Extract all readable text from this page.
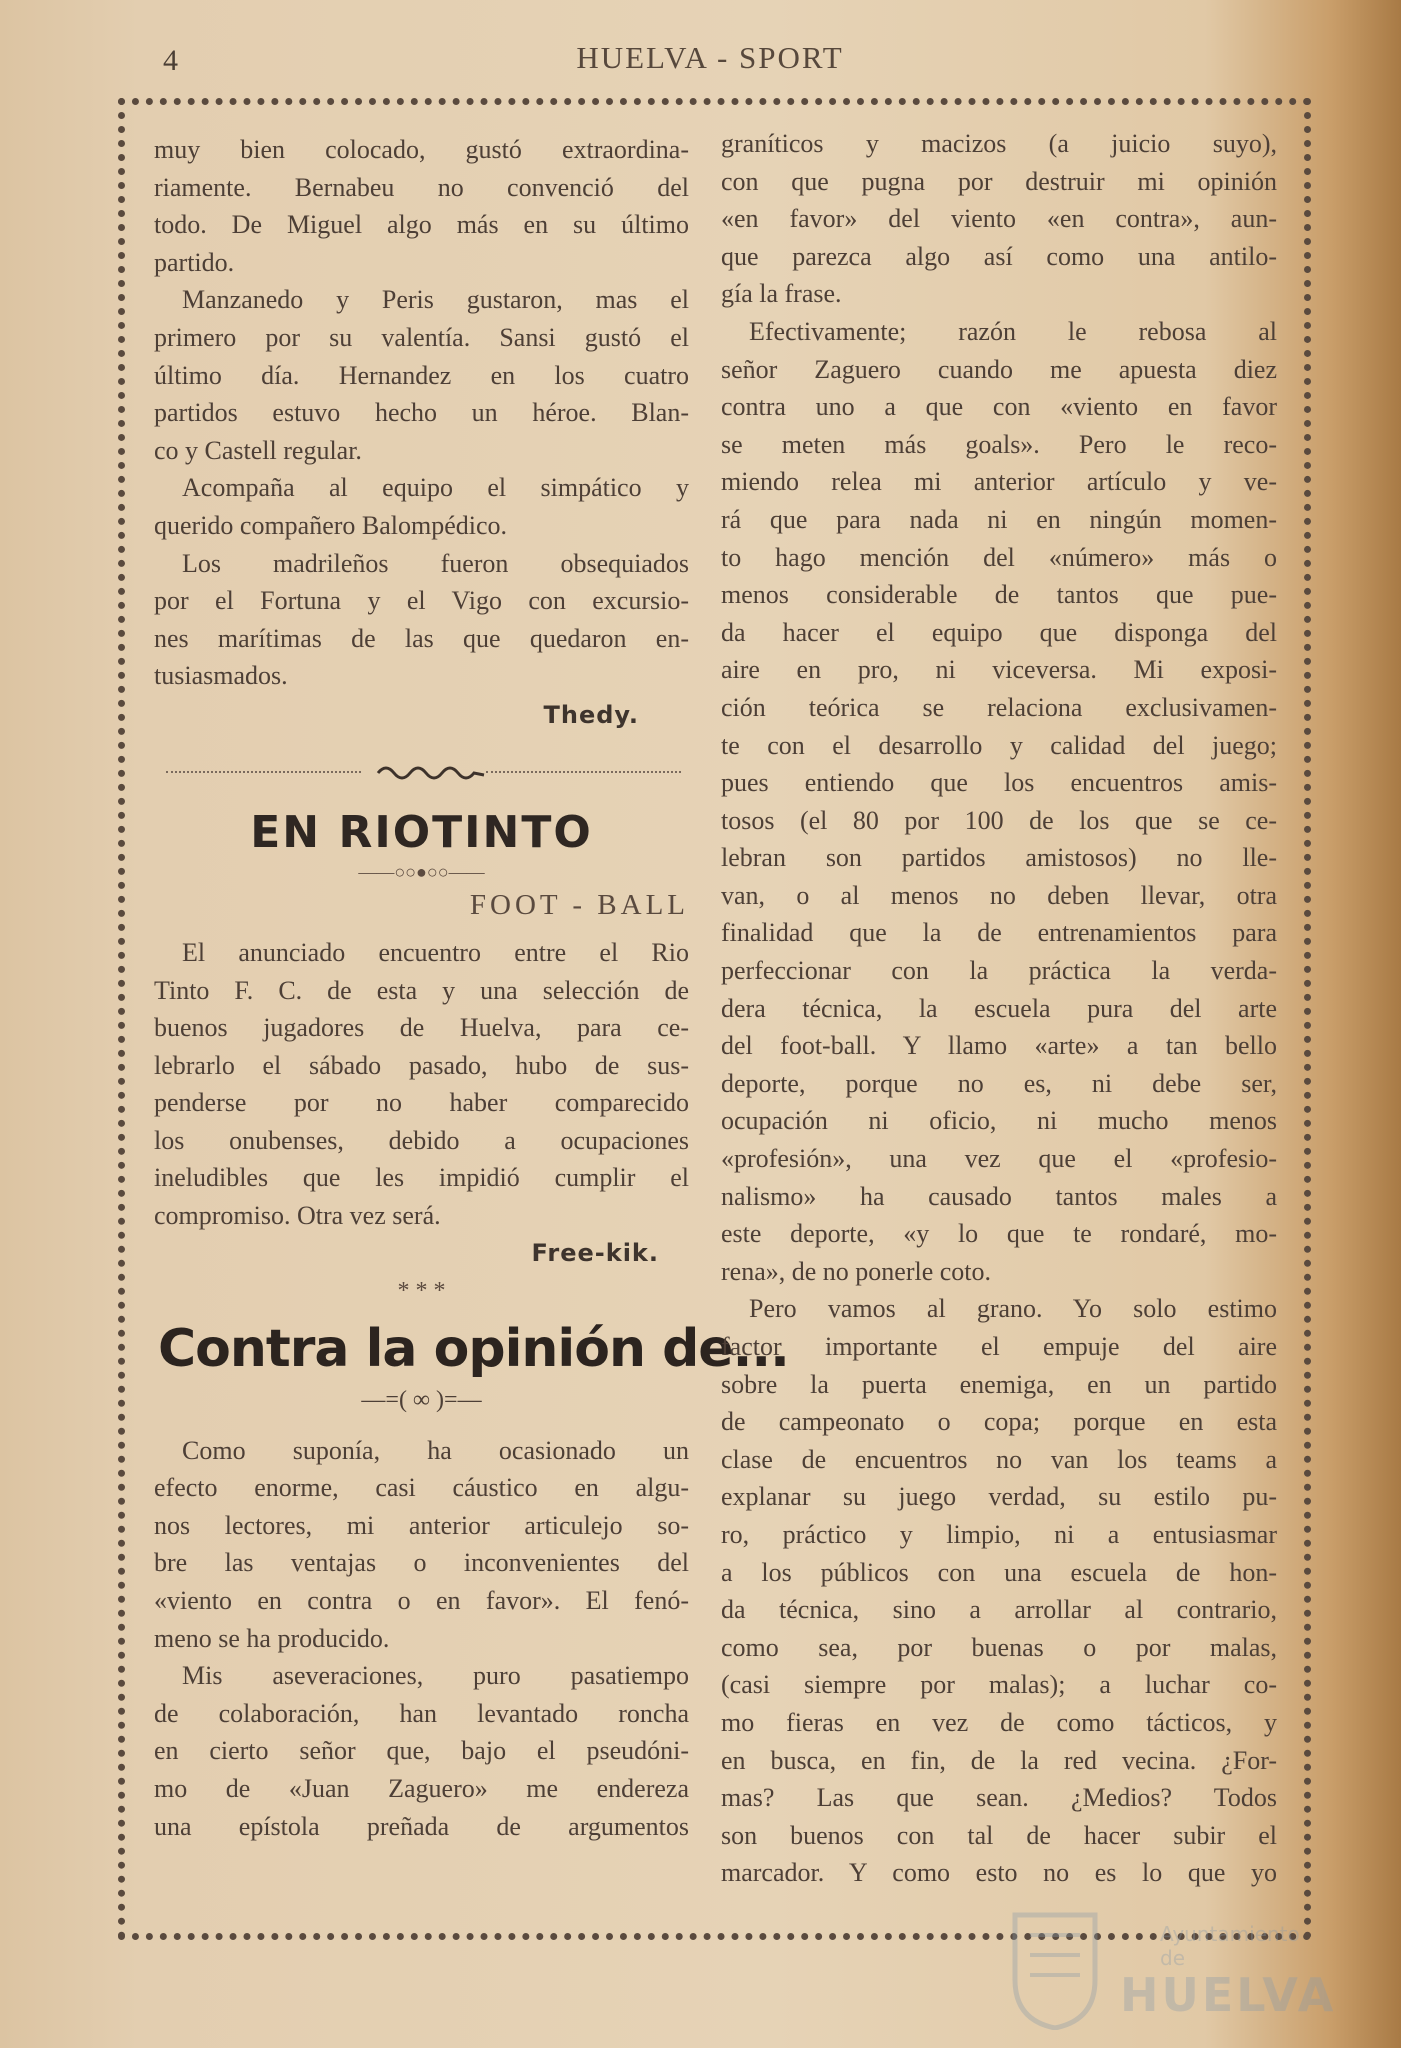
4	HUELVA - SPORT
muy bien colocado, gustó extraordina-
riamente. Bernabeu no convenció del
todo. De Miguel algo más en su último
partido.
Manzanedo y Peris gustaron, mas el
primero por su valentía. Sansi gustó el
último día. Hernandez en los cuatro
partidos estuvo hecho un héroe. Blan-
co y Castell regular.
Acompaña al equipo el simpático y
querido compañero Balompédico.
Los madrileños fueron obsequiados
por el Fortuna y el Vigo con excursio-
nes marítimas de las que quedaron en-
tusiasmados.
Thedy.
EN RIOTINTO
——○○●○○——
FOOT - BALL
El anunciado encuentro entre el Rio
Tinto F. C. de esta y una selección de
buenos jugadores de Huelva, para ce-
lebrarlo el sábado pasado, hubo de sus-
penderse por no haber comparecido
los onubenses, debido a ocupaciones
ineludibles que les impidió cumplir el
compromiso. Otra vez será.
Free-kik.
* * *
Contra la opinión de...
—=( ∞ )=—
Como suponía, ha ocasionado un
efecto enorme, casi cáustico en algu-
nos lectores, mi anterior articulejo so-
bre las ventajas o inconvenientes del
«viento en contra o en favor». El fenó-
meno se ha producido.
Mis aseveraciones, puro pasatiempo
de colaboración, han levantado roncha
en cierto señor que, bajo el pseudóni-
mo de «Juan Zaguero» me endereza
una epístola preñada de argumentos
graníticos y macizos (a juicio suyo),
con que pugna por destruir mi opinión
«en favor» del viento «en contra», aun-
que parezca algo así como una antilo-
gía la frase.
Efectivamente; razón le rebosa al
señor Zaguero cuando me apuesta diez
contra uno a que con «viento en favor
se meten más goals». Pero le reco-
miendo relea mi anterior artículo y ve-
rá que para nada ni en ningún momen-
to hago mención del «número» más o
menos considerable de tantos que pue-
da hacer el equipo que disponga del
aire en pro, ni viceversa. Mi exposi-
ción teórica se relaciona exclusivamen-
te con el desarrollo y calidad del juego;
pues entiendo que los encuentros amis-
tosos (el 80 por 100 de los que se ce-
lebran son partidos amistosos) no lle-
van, o al menos no deben llevar, otra
finalidad que la de entrenamientos para
perfeccionar con la práctica la verda-
dera técnica, la escuela pura del arte
del foot-ball. Y llamo «arte» a tan bello
deporte, porque no es, ni debe ser,
ocupación ni oficio, ni mucho menos
«profesión», una vez que el «profesio-
nalismo» ha causado tantos males a
este deporte, «y lo que te rondaré, mo-
rena», de no ponerle coto.
Pero vamos al grano. Yo solo estimo
factor importante el empuje del aire
sobre la puerta enemiga, en un partido
de campeonato o copa; porque en esta
clase de encuentros no van los teams a
explanar su juego verdad, su estilo pu-
ro, práctico y limpio, ni a entusiasmar
a los públicos con una escuela de hon-
da técnica, sino a arrollar al contrario,
como sea, por buenas o por malas,
(casi siempre por malas); a luchar co-
mo fieras en vez de como tácticos, y
en busca, en fin, de la red vecina. ¿For-
mas? Las que sean. ¿Medios? Todos
son buenos con tal de hacer subir el
marcador. Y como esto no es lo que yo
Ayuntamiento de
HUELVA
